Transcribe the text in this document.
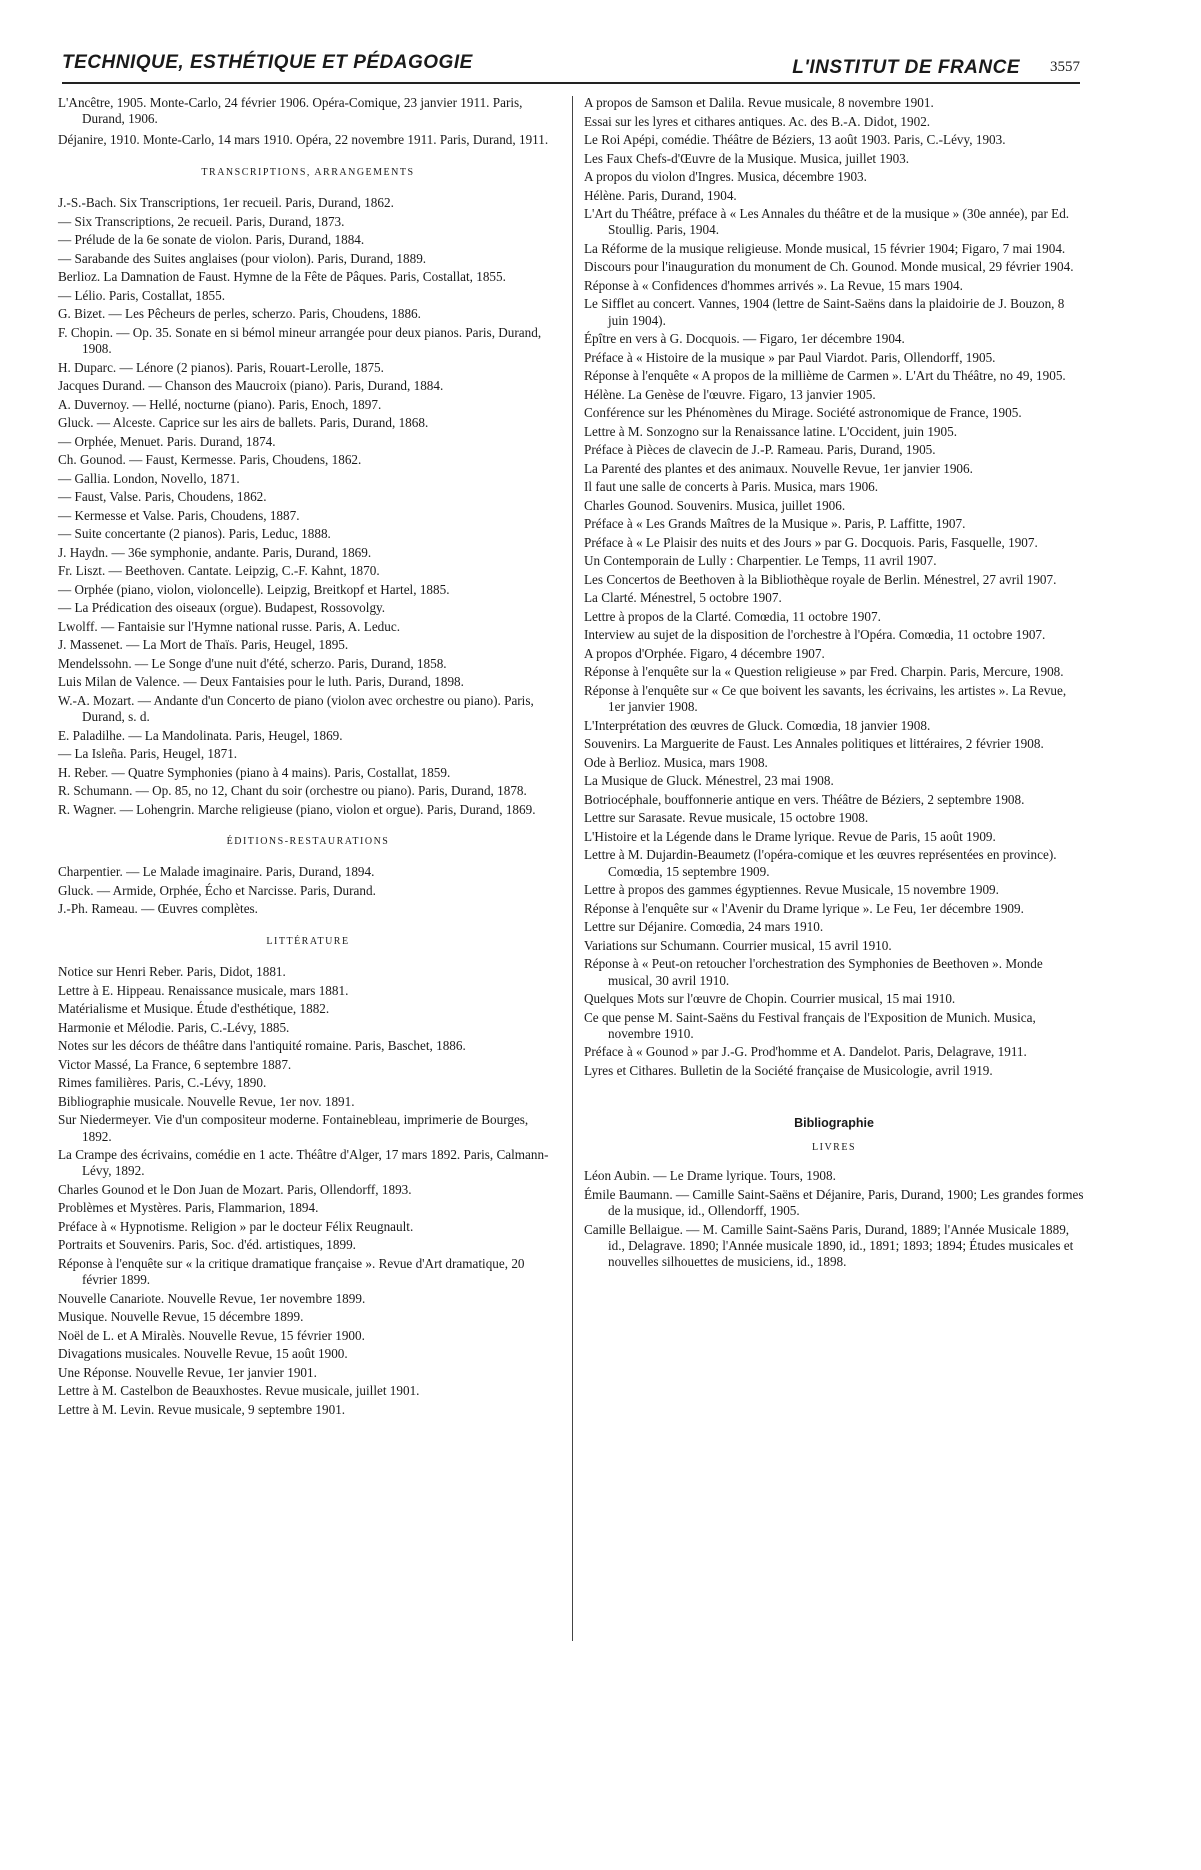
TECHNIQUE, ESTHÉTIQUE ET PÉDAGOGIE	L'INSTITUT DE FRANCE 3557

L'Ancêtre, 1905. Monte-Carlo, 24 février 1906. Opéra-Comique, 23 janvier 1911. Paris, Durand, 1906.

Déjanire, 1910. Monte-Carlo, 14 mars 1910. Opéra, 22 novembre 1911. Paris, Durand, 1911.

TRANSCRIPTIONS, ARRANGEMENTS

J.-S.-Bach. Six Transcriptions, 1er recueil. Paris, Durand, 1862.

— Six Transcriptions, 2e recueil. Paris, Durand, 1873.

— Prélude de la 6e sonate de violon. Paris, Durand, 1884.

— Sarabande des Suites anglaises (pour violon). Paris, Durand, 1889.

Berlioz. La Damnation de Faust. Hymne de la Fête de Pâques. Paris, Costallat, 1855.

— Lélio. Paris, Costallat, 1855.

G. Bizet. — Les Pêcheurs de perles, scherzo. Paris, Choudens, 1886.

F. Chopin. — Op. 35. Sonate en si bémol mineur arrangée pour deux pianos. Paris, Durand, 1908.

H. Duparc. — Lénore (2 pianos). Paris, Rouart-Lerolle, 1875.

Jacques Durand. — Chanson des Maucroix (piano). Paris, Durand, 1884.

A. Duvernoy. — Hellé, nocturne (piano). Paris, Enoch, 1897.

Gluck. — Alceste. Caprice sur les airs de ballets. Paris, Durand, 1868.

— Orphée, Menuet. Paris. Durand, 1874.

Ch. Gounod. — Faust, Kermesse. Paris, Choudens, 1862.

— Gallia. London, Novello, 1871.

— Faust, Valse. Paris, Choudens, 1862.

— Kermesse et Valse. Paris, Choudens, 1887.

— Suite concertante (2 pianos). Paris, Leduc, 1888.

J. Haydn. — 36e symphonie, andante. Paris, Durand, 1869.

Fr. Liszt. — Beethoven. Cantate. Leipzig, C.-F. Kahnt, 1870.

— Orphée (piano, violon, violoncelle). Leipzig, Breitkopf et Hartel, 1885.

— La Prédication des oiseaux (orgue). Budapest, Rossovolgy.

Lwolff. — Fantaisie sur l'Hymne national russe. Paris, A. Leduc.

J. Massenet. — La Mort de Thaïs. Paris, Heugel, 1895.

Mendelssohn. — Le Songe d'une nuit d'été, scherzo. Paris, Durand, 1858.

Luis Milan de Valence. — Deux Fantaisies pour le luth. Paris, Durand, 1898.

W.-A. Mozart. — Andante d'un Concerto de piano (violon avec orchestre ou piano). Paris, Durand, s. d.

E. Paladilhe. — La Mandolinata. Paris, Heugel, 1869.

— La Isleña. Paris, Heugel, 1871.

H. Reber. — Quatre Symphonies (piano à 4 mains). Paris, Costallat, 1859.

R. Schumann. — Op. 85, no 12, Chant du soir (orchestre ou piano). Paris, Durand, 1878.

R. Wagner. — Lohengrin. Marche religieuse (piano, violon et orgue). Paris, Durand, 1869.

ÉDITIONS-RESTAURATIONS

Charpentier. — Le Malade imaginaire. Paris, Durand, 1894.

Gluck. — Armide, Orphée, Écho et Narcisse. Paris, Durand.

J.-Ph. Rameau. — Œuvres complètes.

LITTÉRATURE

Notice sur Henri Reber. Paris, Didot, 1881.

Lettre à E. Hippeau. Renaissance musicale, mars 1881.

Matérialisme et Musique. Étude d'esthétique, 1882.

Harmonie et Mélodie. Paris, C.-Lévy, 1885.

Notes sur les décors de théâtre dans l'antiquité romaine. Paris, Baschet, 1886.

Victor Massé, La France, 6 septembre 1887.

Rimes familières. Paris, C.-Lévy, 1890.

Bibliographie musicale. Nouvelle Revue, 1er nov. 1891.

Sur Niedermeyer. Vie d'un compositeur moderne. Fontainebleau, imprimerie de Bourges, 1892.

La Crampe des écrivains, comédie en 1 acte. Théâtre d'Alger, 17 mars 1892. Paris, Calmann-Lévy, 1892.

Charles Gounod et le Don Juan de Mozart. Paris, Ollendorff, 1893.

Problèmes et Mystères. Paris, Flammarion, 1894.

Préface à « Hypnotisme. Religion » par le docteur Félix Reugnault.

Portraits et Souvenirs. Paris, Soc. d'éd. artistiques, 1899.

Réponse à l'enquête sur « la critique dramatique française ». Revue d'Art dramatique, 20 février 1899.

Nouvelle Canariote. Nouvelle Revue, 1er novembre 1899.

Musique. Nouvelle Revue, 15 décembre 1899.

Noël de L. et A Miralès. Nouvelle Revue, 15 février 1900.

Divagations musicales. Nouvelle Revue, 15 août 1900.

Une Réponse. Nouvelle Revue, 1er janvier 1901.

Lettre à M. Castelbon de Beauxhostes. Revue musicale, juillet 1901.

Lettre à M. Levin. Revue musicale, 9 septembre 1901.

A propos de Samson et Dalila. Revue musicale, 8 novembre 1901.

Essai sur les lyres et cithares antiques. Ac. des B.-A. Didot, 1902.

Le Roi Apépi, comédie. Théâtre de Béziers, 13 août 1903. Paris, C.-Lévy, 1903.

Les Faux Chefs-d'Œuvre de la Musique. Musica, juillet 1903.

A propos du violon d'Ingres. Musica, décembre 1903.

Hélène. Paris, Durand, 1904.

L'Art du Théâtre, préface à « Les Annales du théâtre et de la musique » (30e année), par Ed. Stoullig. Paris, 1904.

La Réforme de la musique religieuse. Monde musical, 15 février 1904; Figaro, 7 mai 1904.

Discours pour l'inauguration du monument de Ch. Gounod. Monde musical, 29 février 1904.

Réponse à « Confidences d'hommes arrivés ». La Revue, 15 mars 1904.

Le Sifflet au concert. Vannes, 1904 (lettre de Saint-Saëns dans la plaidoirie de J. Bouzon, 8 juin 1904).

Épître en vers à G. Docquois. — Figaro, 1er décembre 1904.

Préface à « Histoire de la musique » par Paul Viardot. Paris, Ollendorff, 1905.

Réponse à l'enquête « A propos de la millième de Carmen ». L'Art du Théâtre, no 49, 1905.

Hélène. La Genèse de l'œuvre. Figaro, 13 janvier 1905.

Conférence sur les Phénomènes du Mirage. Société astronomique de France, 1905.

Lettre à M. Sonzogno sur la Renaissance latine. L'Occident, juin 1905.

Préface à Pièces de clavecin de J.-P. Rameau. Paris, Durand, 1905.

La Parenté des plantes et des animaux. Nouvelle Revue, 1er janvier 1906.

Il faut une salle de concerts à Paris. Musica, mars 1906.

Charles Gounod. Souvenirs. Musica, juillet 1906.

Préface à « Les Grands Maîtres de la Musique ». Paris, P. Laffitte, 1907.

Préface à « Le Plaisir des nuits et des Jours » par G. Docquois. Paris, Fasquelle, 1907.

Un Contemporain de Lully : Charpentier. Le Temps, 11 avril 1907.

Les Concertos de Beethoven à la Bibliothèque royale de Berlin. Ménestrel, 27 avril 1907.

La Clarté. Ménestrel, 5 octobre 1907.

Lettre à propos de la Clarté. Comœdia, 11 octobre 1907.

Interview au sujet de la disposition de l'orchestre à l'Opéra. Comœdia, 11 octobre 1907.

A propos d'Orphée. Figaro, 4 décembre 1907.

Réponse à l'enquête sur la « Question religieuse » par Fred. Charpin. Paris, Mercure, 1908.

Réponse à l'enquête sur « Ce que boivent les savants, les écrivains, les artistes ». La Revue, 1er janvier 1908.

L'Interprétation des œuvres de Gluck. Comœdia, 18 janvier 1908.

Souvenirs. La Marguerite de Faust. Les Annales politiques et littéraires, 2 février 1908.

Ode à Berlioz. Musica, mars 1908.

La Musique de Gluck. Ménestrel, 23 mai 1908.

Botriocéphale, bouffonnerie antique en vers. Théâtre de Béziers, 2 septembre 1908.

Lettre sur Sarasate. Revue musicale, 15 octobre 1908.

L'Histoire et la Légende dans le Drame lyrique. Revue de Paris, 15 août 1909.

Lettre à M. Dujardin-Beaumetz (l'opéra-comique et les œuvres représentées en province). Comœdia, 15 septembre 1909.

Lettre à propos des gammes égyptiennes. Revue Musicale, 15 novembre 1909.

Réponse à l'enquête sur « l'Avenir du Drame lyrique ». Le Feu, 1er décembre 1909.

Lettre sur Déjanire. Comœdia, 24 mars 1910.

Variations sur Schumann. Courrier musical, 15 avril 1910.

Réponse à « Peut-on retoucher l'orchestration des Symphonies de Beethoven ». Monde musical, 30 avril 1910.

Quelques Mots sur l'œuvre de Chopin. Courrier musical, 15 mai 1910.

Ce que pense M. Saint-Saëns du Festival français de l'Exposition de Munich. Musica, novembre 1910.

Préface à « Gounod » par J.-G. Prod'homme et A. Dandelot. Paris, Delagrave, 1911.

Lyres et Cithares. Bulletin de la Société française de Musicologie, avril 1919.

Bibliographie
LIVRES

Léon Aubin. — Le Drame lyrique. Tours, 1908.

Émile Baumann. — Camille Saint-Saëns et Déjanire, Paris, Durand, 1900; Les grandes formes de la musique, id., Ollendorff, 1905.

Camille Bellaigue. — M. Camille Saint-Saëns Paris, Durand, 1889; l'Année Musicale 1889, id., Delagrave. 1890; l'Année musicale 1890, id., 1891; 1893; 1894; Études musicales et nouvelles silhouettes de musiciens, id., 1898.
